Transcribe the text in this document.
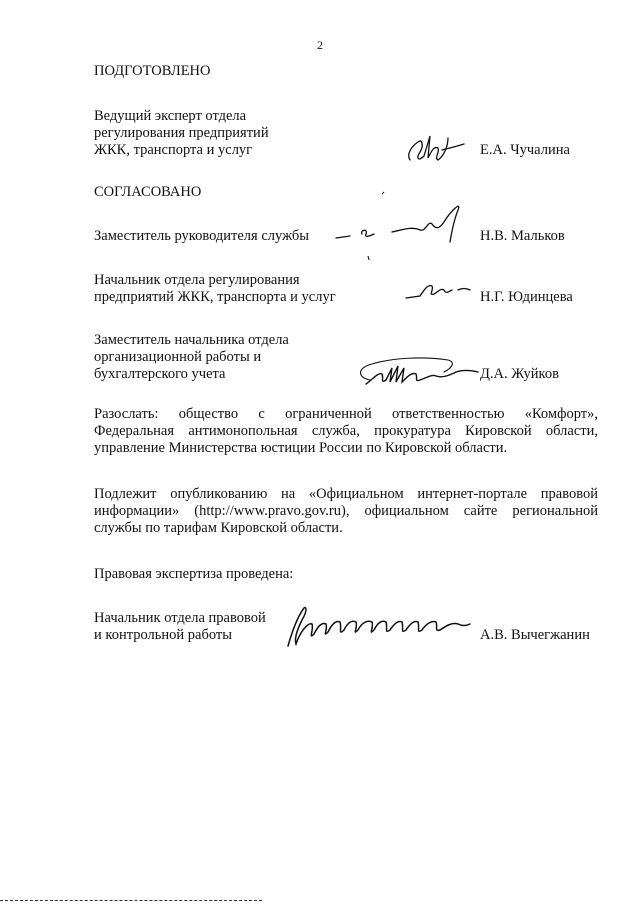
2
ПОДГОТОВЛЕНО
Ведущий эксперт отдела
регулирования предприятий
ЖКК, транспорта и услуг	Е.А. Чучалина
СОГЛАСОВАНО
Заместитель руководителя службы	Н.В. Мальков
Начальник отдела регулирования
предприятий ЖКК, транспорта и услуг	Н.Г. Юдинцева
Заместитель начальника отдела
организационной работы и
бухгалтерского учета	Д.А. Жуйков
Разослать: общество с ограниченной ответственностью «Комфорт»,
Федеральная антимонопольная служба, прокуратура Кировской области,
управление Министерства юстиции России по Кировской области.
Подлежит опубликованию на «Официальном интернет-портале правовой
информации» (http://www.pravo.gov.ru), официальном сайте региональной
службы по тарифам Кировской области.
Правовая экспертиза проведена:
Начальник отдела правовой
и контрольной работы	А.В. Вычегжанин
